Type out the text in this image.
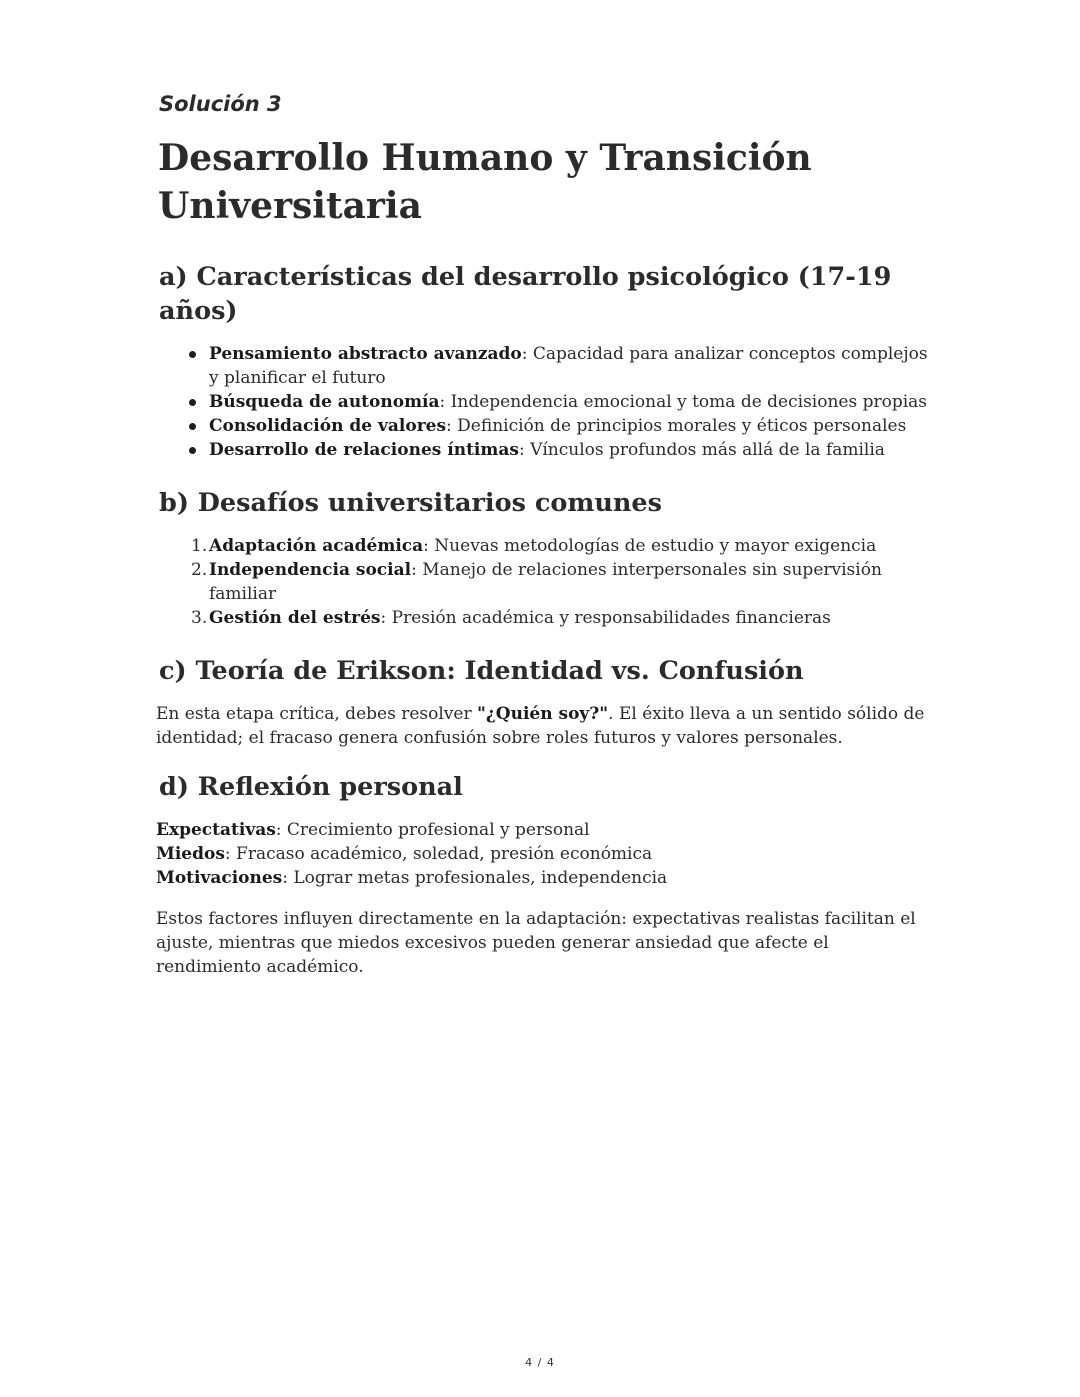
Solución 3
Desarrollo Humano y Transición Universitaria
a) Características del desarrollo psicológico (17-19 años)
Pensamiento abstracto avanzado: Capacidad para analizar conceptos complejos y planificar el futuro
Búsqueda de autonomía: Independencia emocional y toma de decisiones propias
Consolidación de valores: Definición de principios morales y éticos personales
Desarrollo de relaciones íntimas: Vínculos profundos más allá de la familia
b) Desafíos universitarios comunes
1. Adaptación académica: Nuevas metodologías de estudio y mayor exigencia
2. Independencia social: Manejo de relaciones interpersonales sin supervisión familiar
3. Gestión del estrés: Presión académica y responsabilidades financieras
c) Teoría de Erikson: Identidad vs. Confusión

En esta etapa crítica, debes resolver "¿Quién soy?". El éxito lleva a un sentido sólido de identidad; el fracaso genera confusión sobre roles futuros y valores personales.

d) Reflexión personal
Expectativas: Crecimiento profesional y personal
Miedos: Fracaso académico, soledad, presión económica
Motivaciones: Lograr metas profesionales, independencia

Estos factores influyen directamente en la adaptación: expectativas realistas facilitan el ajuste, mientras que miedos excesivos pueden generar ansiedad que afecte el rendimiento académico.

4 / 4
